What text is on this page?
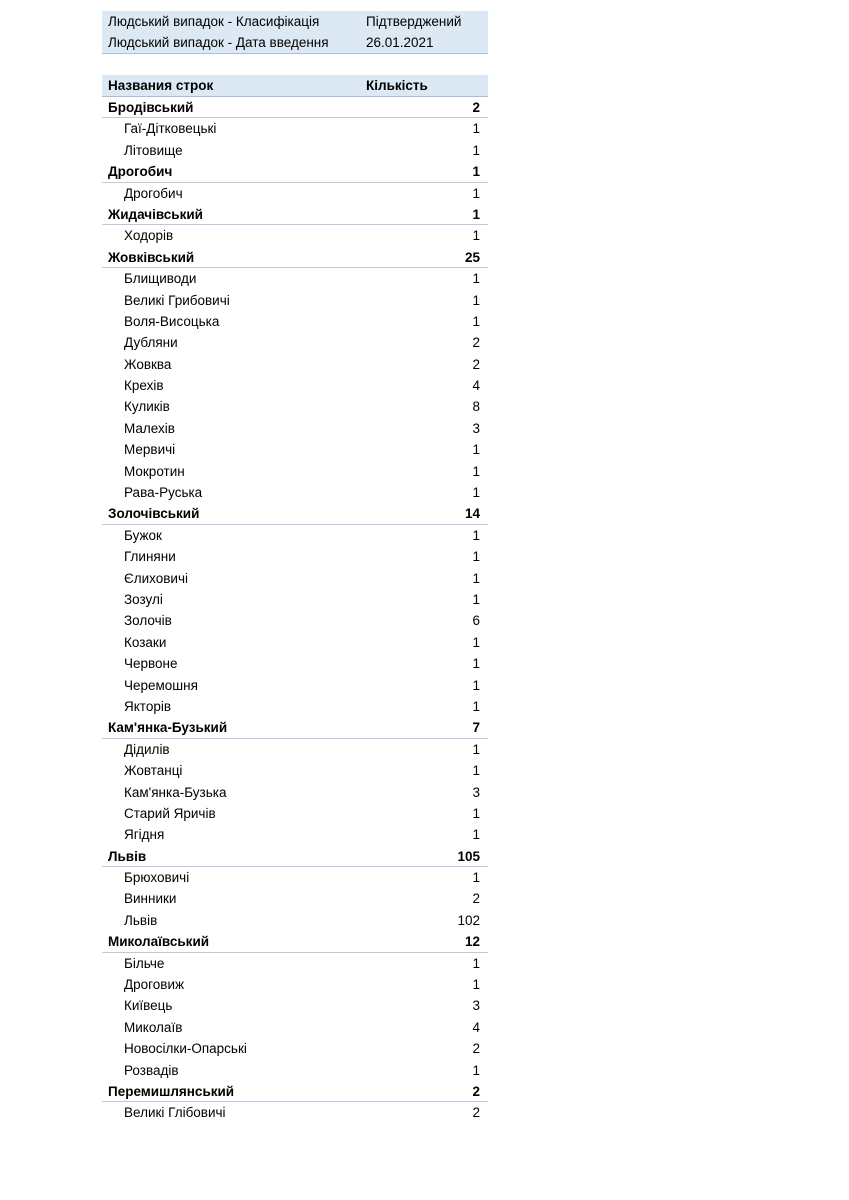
Людський випадок - Класифікація	Підтверджений
Людський випадок - Дата введення	26.01.2021
Названия строк	Кількість
Бродівський	2
Гаї-Дітковецькі	1
Літовище	1
Дрогобич	1
Дрогобич	1
Жидачівський	1
Ходорів	1
Жовківський	25
Блищиводи	1
Великі Грибовичі	1
Воля-Висоцька	1
Дубляни	2
Жовква	2
Крехів	4
Куликів	8
Малехів	3
Мервичі	1
Мокротин	1
Рава-Руська	1
Золочівський	14
Бужок	1
Глиняни	1
Єлиховичі	1
Зозулі	1
Золочів	6
Козаки	1
Червоне	1
Черемошня	1
Якторів	1
Кам'янка-Бузький	7
Дідилів	1
Жовтанці	1
Кам'янка-Бузька	3
Старий Яричів	1
Ягідня	1
Львів	105
Брюховичі	1
Винники	2
Львів	102
Миколаївський	12
Більче	1
Дроговиж	1
Київець	3
Миколаїв	4
Новосілки-Опарські	2
Розвадів	1
Перемишлянський	2
Великі Глібовичі	2
